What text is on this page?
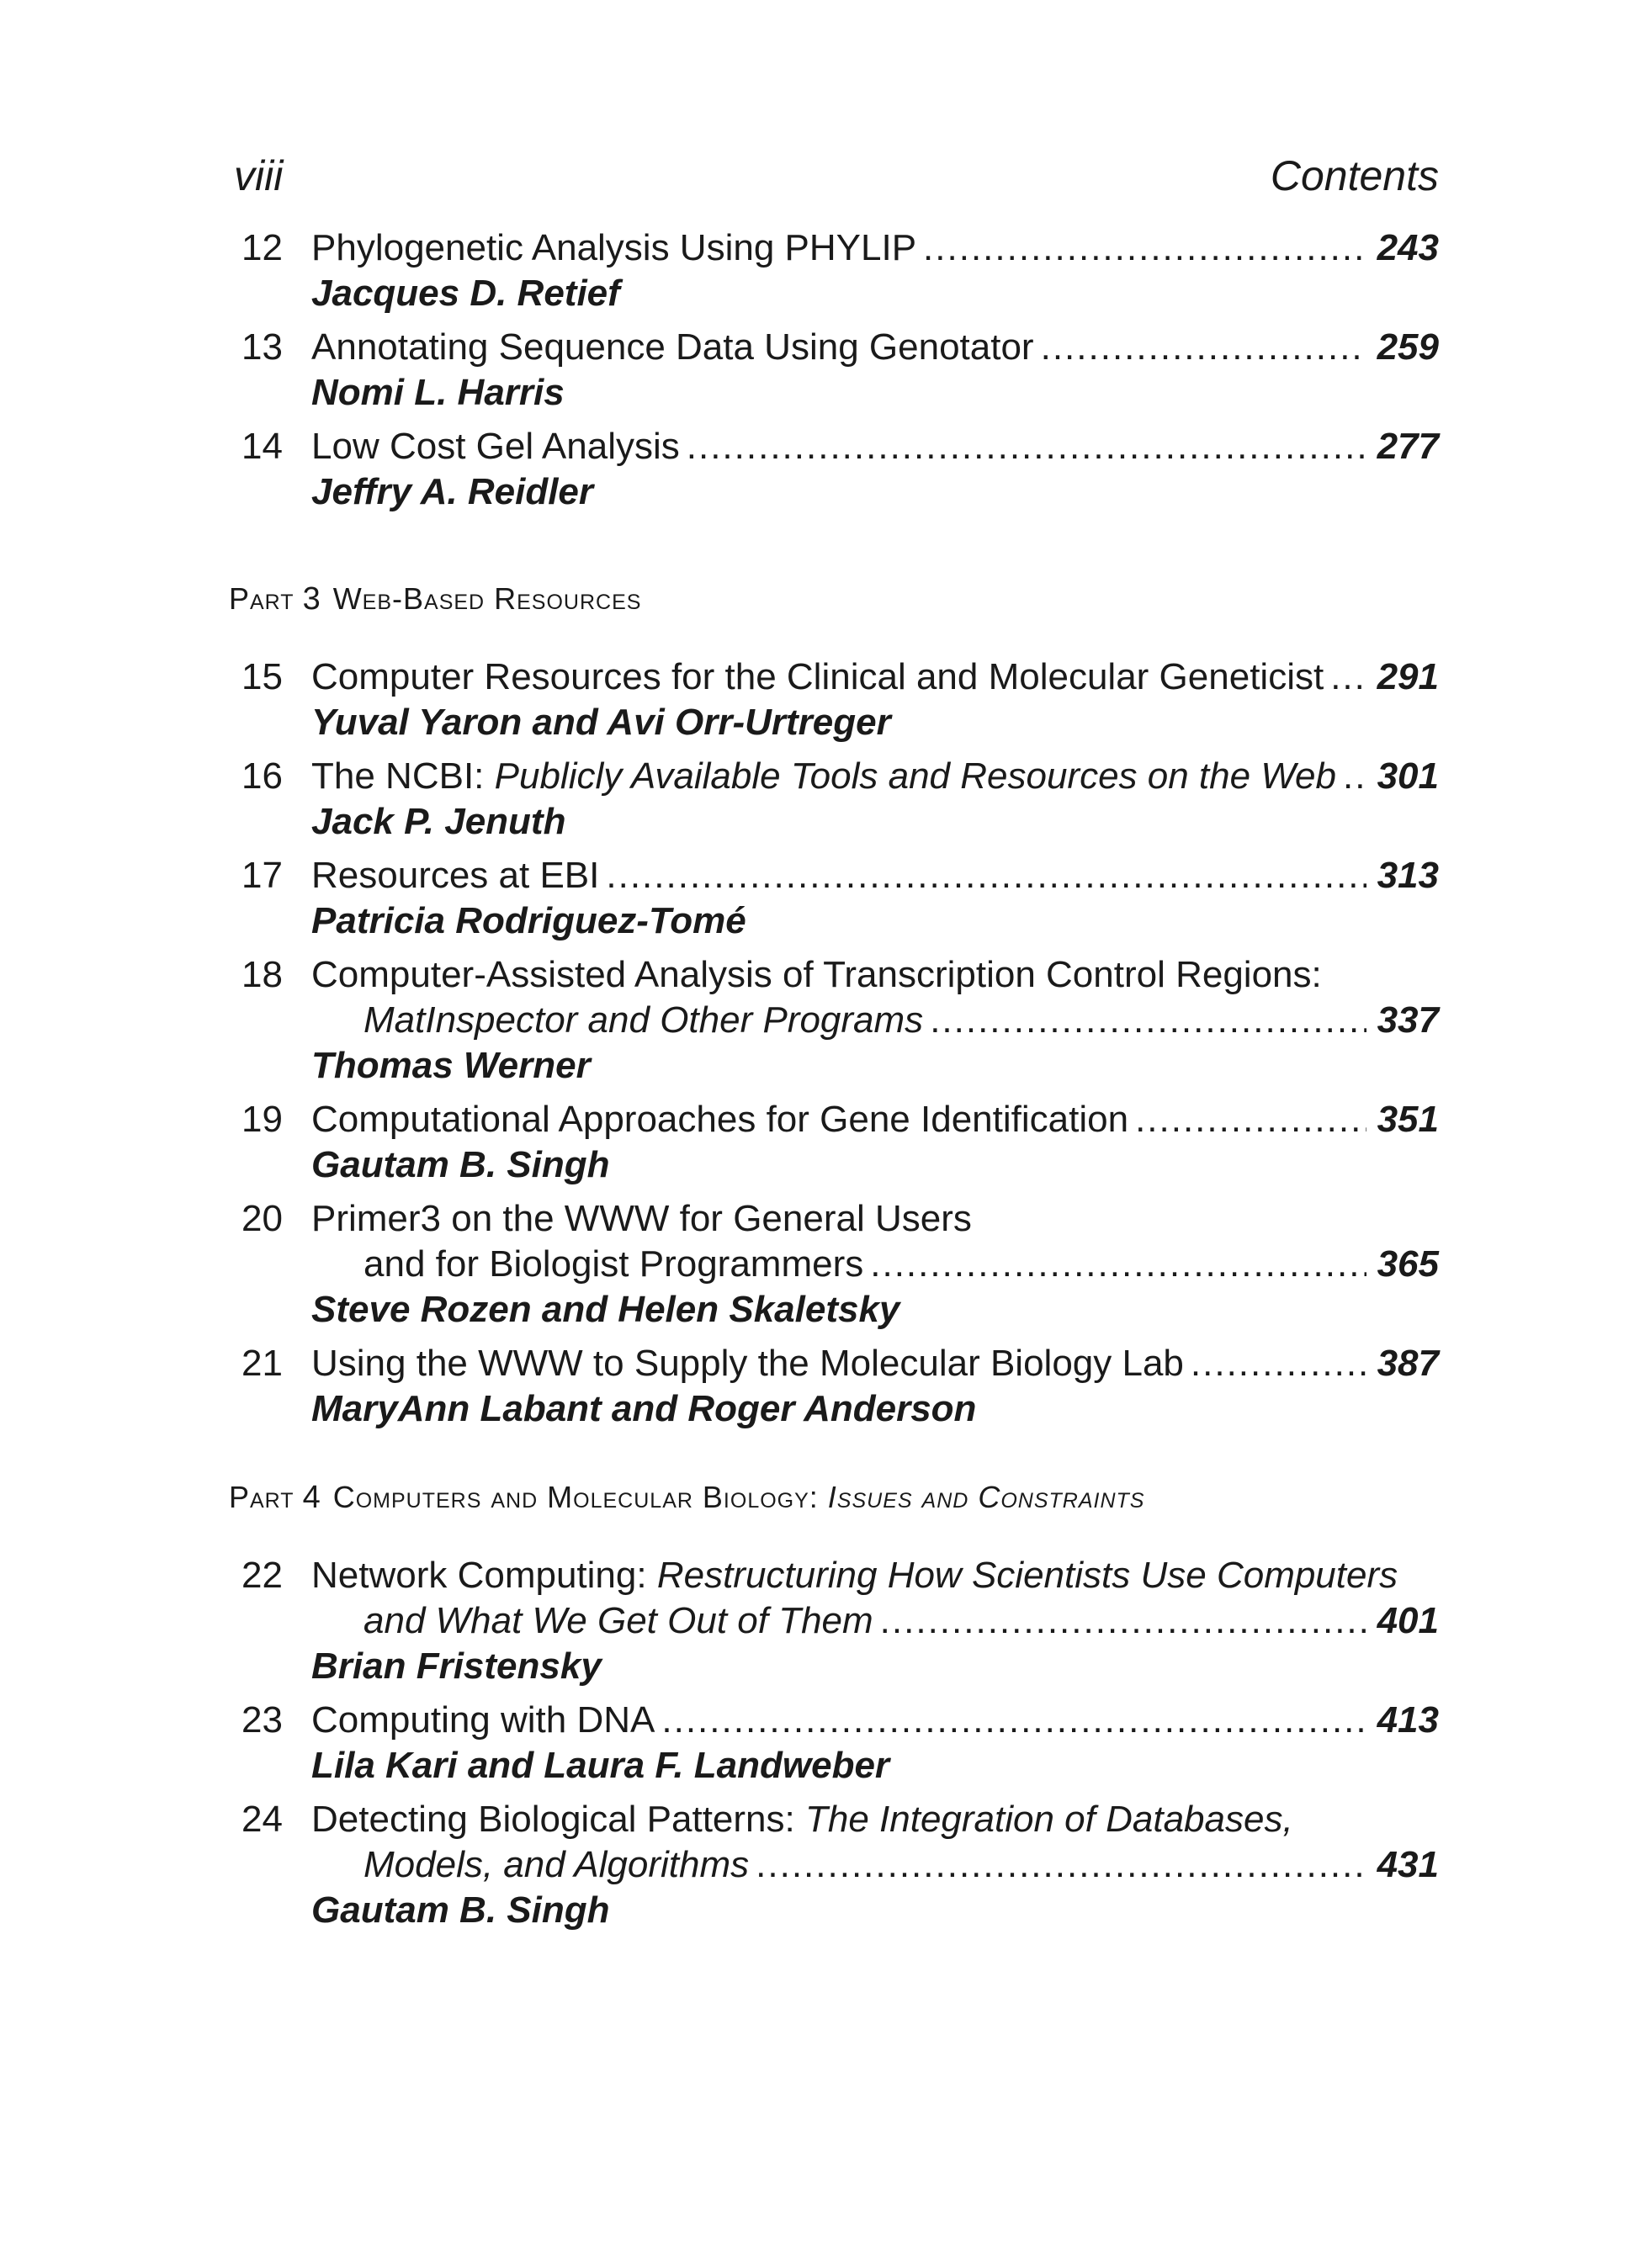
viii	Contents
12 Phylogenetic Analysis Using PHYLIP .....	243
Jacques D. Retief
13 Annotating Sequence Data Using Genotator .....	259
Nomi L. Harris
14 Low Cost Gel Analysis .....	277
Jeffry A. Reidler
Part 3 Web-Based Resources
15 Computer Resources for the Clinical and Molecular Geneticist ..... 291
Yuval Yaron and Avi Orr-Urtreger
16 The NCBI: Publicly Available Tools and Resources on the Web ..... 301
Jack P. Jenuth
17 Resources at EBI .....	313
Patricia Rodriguez-Tomé
18 Computer-Assisted Analysis of Transcription Control Regions:
MatInspector and Other Programs .....	337
Thomas Werner
19 Computational Approaches for Gene Identification .....	351
Gautam B. Singh
20 Primer3 on the WWW for General Users
and for Biologist Programmers .....	365
Steve Rozen and Helen Skaletsky
21 Using the WWW to Supply the Molecular Biology Lab .....	387
MaryAnn Labant and Roger Anderson
Part 4 Computers and Molecular Biology: Issues and Constraints
22 Network Computing: Restructuring How Scientists Use Computers
and What We Get Out of Them .....	401
Brian Fristensky
23 Computing with DNA .....	413
Lila Kari and Laura F. Landweber
24 Detecting Biological Patterns: The Integration of Databases,
Models, and Algorithms .....	431
Gautam B. Singh
